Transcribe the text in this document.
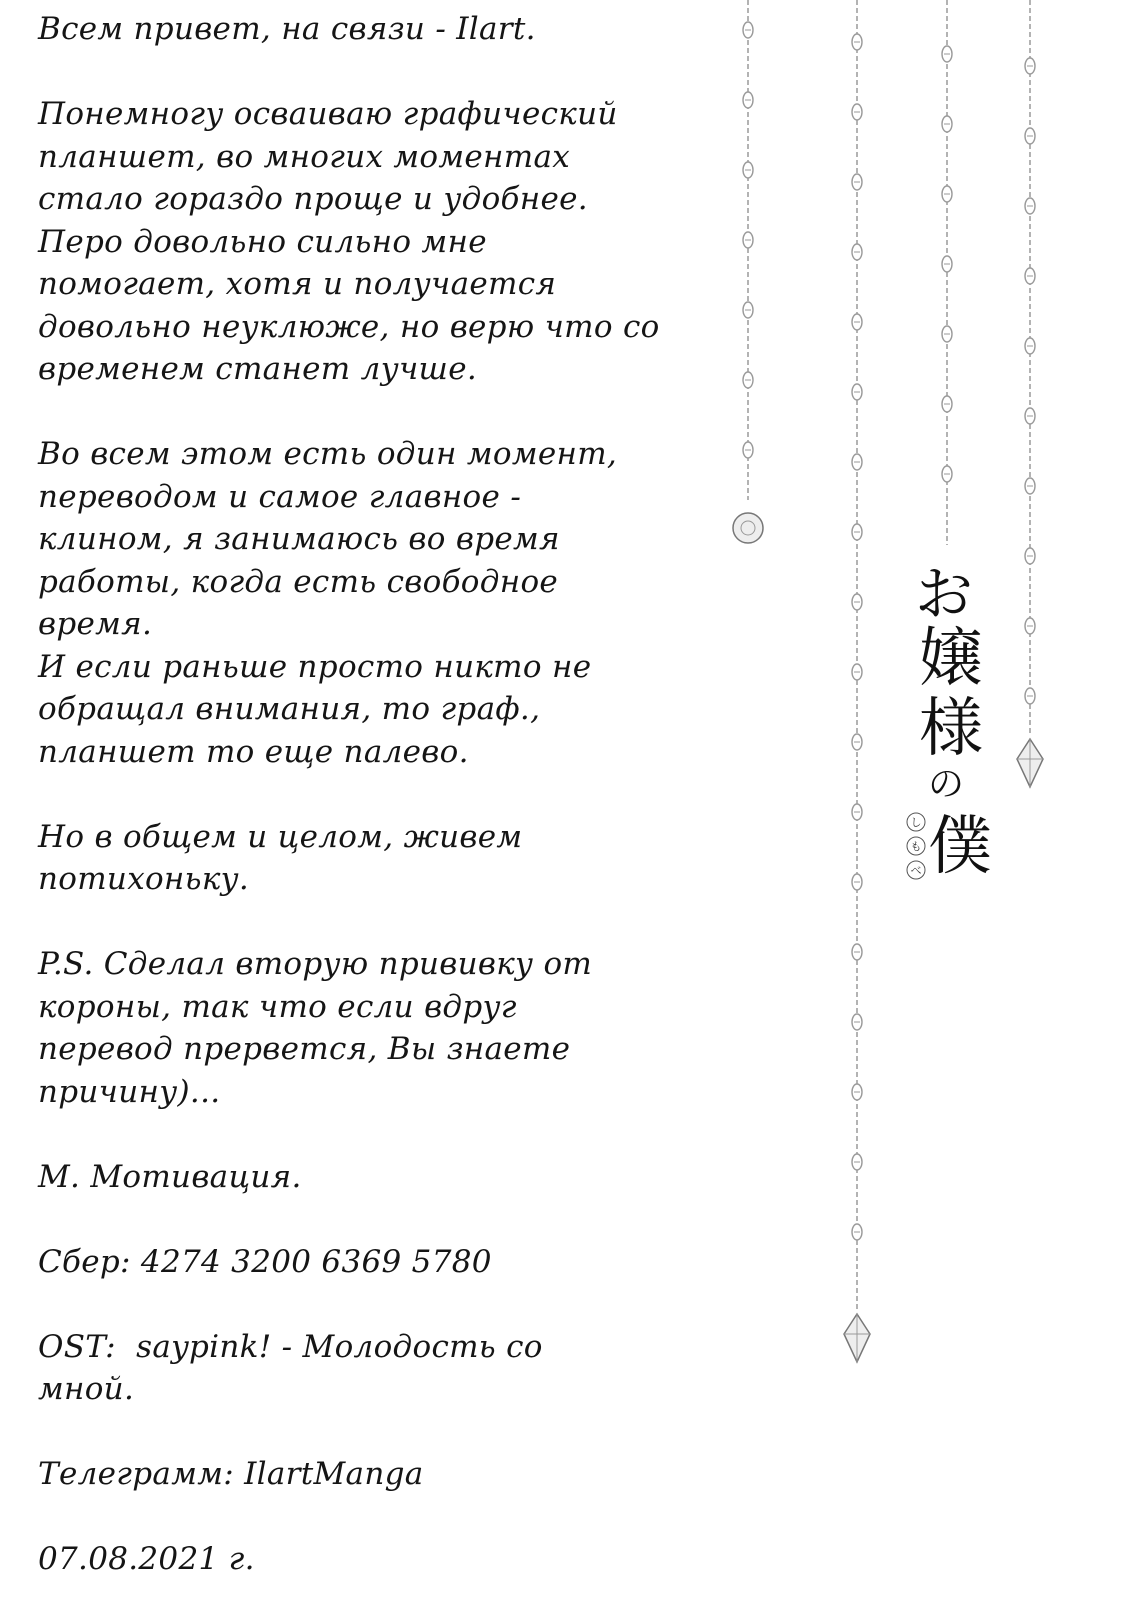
Всем привет, на связи - Ilart.
Понемногу осваиваю графический
планшет, во многих моментах
стало гораздо проще и удобнее.
Перо довольно сильно мне
помогает, хотя и получается
довольно неуклюже, но верю что со
временем станет лучше.
Во всем этом есть один момент,
переводом и самое главное -
клином, я занимаюсь во время
работы, когда есть свободное
время.
И если раньше просто никто не
обращал внимания, то граф.,
планшет то еще палево.
Но в общем и целом, живем
потихоньку.
P.S. Сделал вторую прививку от
короны, так что если вдруг
перевод прервется, Вы знаете
причину)...
М. Мотивация.
Сбер: 4274 3200 6369 5780
OST:  saypink! - Молодость со
мной.
Телеграмм: IlartManga
07.08.2021 г.
お
嬢
様
の
僕
し
も
べ
